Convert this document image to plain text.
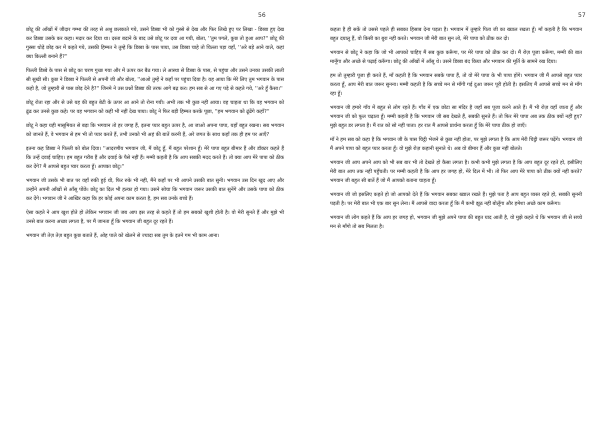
56

छोटू की आँखों में जीदार गम्भा की तरह से अश्रु छलकाते गये, उसने डिब्बा भी को गुस्से से देख और फिर लिखे हुए पर लिखा - डिब्बा हुए देख कर डिब्बा उसके कर कहा। मदार कर दिया था। दस्ता बदाने के बाद उसे छोटू पर दया आ गयी, बोला, ''तुम पगले, कुछ तो हुआ आप?'' छोटू की गुस्सा थोड़े छोड़ कर में कहते गये, उसकी हिम्मत ने तुम्हे कि डिब्बा के पास पाया, उस डिब्बा चाहे तो चिल्ला पड़ा वहाँ, ''अरे बड़े आने वाले, कहां क्या किल्ली बनाने हैं?''

पिल्ली डिब्बे के पास से छोटू का चरण गुच्छ गया और में ऊपर कर बैठ गया। ले आस्था से डिब्बा के पास, से पहुंचा और उसने उनका उसकी लाली सी सुखी सी। कुछ ने डिब्बा ने पिल्ली से अपनी जी और बोला, ''आओ तुम्हें ने कहाँ पर पहुंचा दिया है। यह आया कि मेरे लिए तुम भगवान के पास कहो है, जो तुम्हारी से पास छोड़ देने है?'' जिनमे ने उस प्रश्नों डिब्बा की तरफ आगे बढ़ कर। हम सब से आ गए पड़े से कहते गये, ''अरे हूँ कैसा।''

छोटू रोता रहा और से उसे यह की बहुत बेटी के ऊपर आ आने तो रोना गयी। अभी तक भी कुछ नहीं आया। वह चाहता था कि वह भगवान को ढूंढ कर उनसे कुछ कहे। पर वह भगवान को कहीं भी नहीं देख पाया। छोटू ने फिर बड़ी हिम्मत करके पूछा, ''हम भगवान को ढूंढेंगे कहाँ?''

छोटू ने कहा यही मासूमियत से बड़ा कि भगवान तो हर जगह हैं, इतना प्यार बहुत ऊपर है, आ जाओ अपना पापा, यहाँ बहुत रखना। सब भगवान को जानते हैं, वे भगवान से हम भी तो प्यार करते हैं, तभी उनको भी अहं की बातें करनी हैं, अरे जगत के साथ कहाँ तक ही हम पर आएँ?

इतना कह डिब्बा ने पिल्ली को बोल दिया। ''आदरणीय भगवान जी, मैं छोटू हूँ, मैं बहुत परेशान हूँ। मेरे पापा बहुत बीमार हैं और डॉक्टर कहते हैं कि उन्हें दवाई चाहिए। हम बहुत गरीब हैं और दवाई के पैसे नहीं हैं। मम्मी कहती है कि आप सबकी मदद करते हैं। तो क्या आप मेरे पापा को ठीक कर देंगे? मैं आपसे बहुत प्यार करता हूँ। आपका छोटू।''

भगवान जी उसके भी बात पर वहाँ रुकी हुई थी, फिर रुके भी नहीं, मैंने कहाँ पर भी आपने उसकी बात सुनी। भगवान उस दिन खुद आए और उन्होंने अपनी आँखों से आँसू पोंछे। छोटू का दिल भी हल्का हो गया। उसने सोचा कि भगवान जरूर उसकी बात सुनेंगे और उसके पापा को ठीक कर देंगे। भगवान जी ने आखिर कहा कि हर कोई अपना काम करता है, हम सब उनके बच्चे हैं।

ऐसा कहते ने आप खुश होते हो लेकिन भगवान जी जब आप इस तरह से कहते हैं तो हम सबको खुशी होती है। वो मेरी सुनते हैं और मुझे भी उनसे बात करना अच्छा लगता है, पर मैं जानता हूँ कि भगवान जी बहुत दूर रहते हैं।

भगवान जी तेज़ तेज़ बहुत कुछ बताते हैं, ओह पाले को खेलने से ज्यादा सब तुम के इतने गम भी काम आना।

57

कहता है ही सकें तो उससे पहले ही सबका हिसाब देना पड़ता है। भगवान में तुम्हारे पिता जी का ख्याल रखता हूँ। माँ कहती है कि भगवान बहुत दयालु हैं, वो किसी का बुरा नहीं करते। भगवान जी मेरी बात सुन लो, मेरे पापा को ठीक कर दो।

भगवान से छोटू ने कहा कि जो भी आपको चाहिए मैं सब कुछ करूँगा, पर मेरे पापा को ठीक कर दो। मैं रोज़ पूजा करूँगा, मम्मी की बात मानूँगा और अच्छे से पढ़ाई करूँगा। छोटू की आँखों में आँसू थे। उसने डिब्बा बंद किया और भगवान की मूर्ति के सामने रख दिया।

हम तो तुम्हारी पूजा ही करते हैं, माँ कहती है कि भगवान सबके पापा हैं, तो वो मेरे पापा के भी पापा होंगे। भगवान जी मैं आपसे बहुत प्यार करता हूँ, आप मेरी बात जरूर सुनना। मम्मी कहती है कि सच्चे मन से माँगी गई दुआ जरूर पूरी होती है। इसलिए मैं आपसे सच्चे मन से माँग रहा हूँ।

भगवान जी हमारे गाँव में बहुत से लोग रहते हैं। गाँव में एक छोटा सा मंदिर है जहाँ सब पूजा करने आते हैं। मैं भी रोज़ वहाँ जाता हूँ और भगवान जी को फूल चढ़ाता हूँ। मम्मी कहती है कि भगवान जी सब देखते हैं, सबकी सुनते हैं। तो फिर मेरे पापा अब तक ठीक क्यों नहीं हुए? मुझे बहुत डर लगता है। मैं रात को सो नहीं पाता। हर रात मैं आपसे प्रार्थना करता हूँ कि मेरे पापा ठीक हो जाएँ।

माँ ने हम सब को कहा है कि भगवान जी के पास चिट्ठी भेजने से कुछ नहीं होता, पर मुझे लगता है कि आप मेरी चिट्ठी जरूर पढ़ेंगे। भगवान जी मैं अपने पापा को बहुत प्यार करता हूँ। वो मुझे रोज़ कहानी सुनाते थे। अब वो बीमार हैं और कुछ नहीं बोलते।

भगवान जी आप अपने आप को भी सब बार भी तो देखते हो कैसा लगता है। कभी कभी मुझे लगता है कि आप बहुत दूर रहते हो, इसीलिए मेरी बात आप तक नहीं पहुँचती। पर मम्मी कहती है कि आप हर जगह हो, मेरे दिल में भी। तो फिर आप मेरे पापा को ठीक क्यों नहीं करते? भगवान जी बहुत सी बातें हैं जो मैं आपको बताना चाहता हूँ।

भगवान जी जो इसलिए कहते हो जो आपको देते हैं कि भगवान सबका ख्याल रखते हैं। मुझे पता है आप बहुत व्यस्त रहते हो, सबकी सुननी पड़ती है। पर मेरी बात भी एक बार सुन लेना। मैं आपसे वादा करता हूँ कि मैं कभी झूठ नहीं बोलूँगा और हमेशा अच्छे काम करूँगा।

भगवान जी लोग कहते हैं कि आप हर जगह हो, भगवान जी मुझे अपने पापा की बहुत याद आती है, वो मुझे कहते थे कि भगवान जी से सच्चे मन से माँगो तो सब मिलता है।
